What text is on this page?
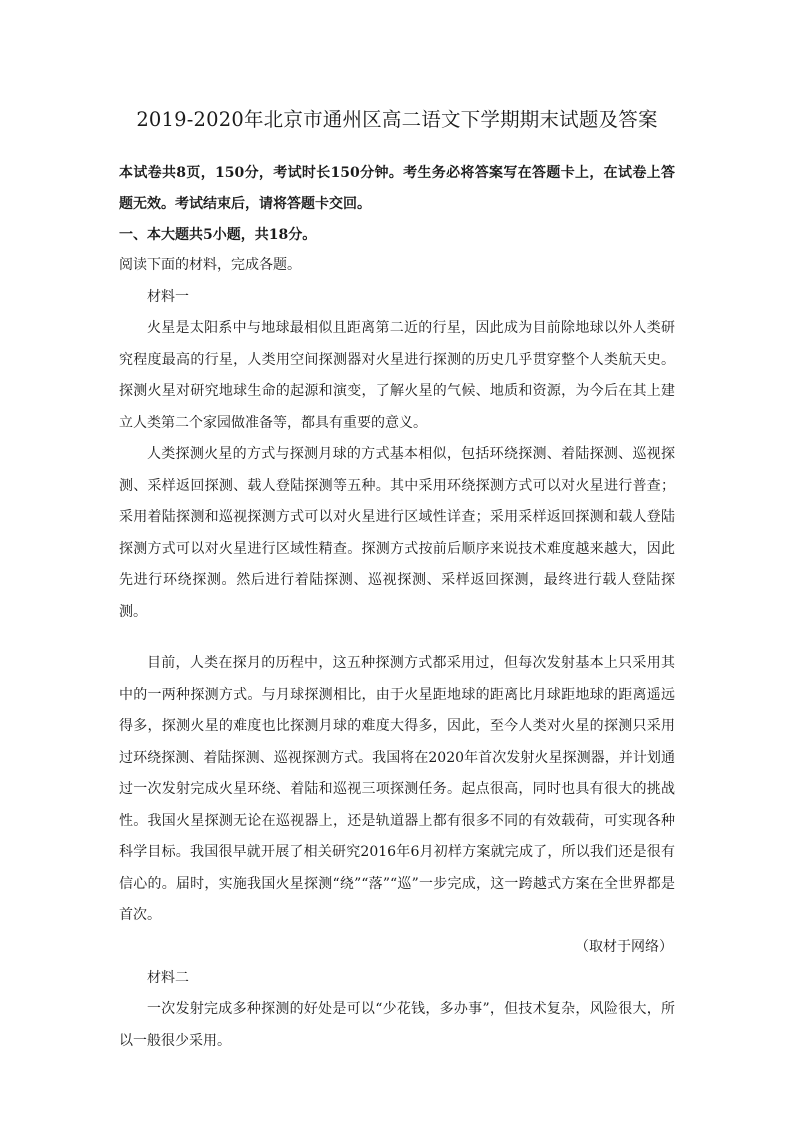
2019-2020年北京市通州区高二语文下学期期末试题及答案

本试卷共8页，150分，考试时长150分钟。考生务必将答案写在答题卡上，在试卷上答题无效。考试结束后，请将答题卡交回。

一、本大题共5小题，共18分。

阅读下面的材料，完成各题。

材料一

火星是太阳系中与地球最相似且距离第二近的行星，因此成为目前除地球以外人类研究程度最高的行星，人类用空间探测器对火星进行探测的历史几乎贯穿整个人类航天史。探测火星对研究地球生命的起源和演变，了解火星的气候、地质和资源，为今后在其上建立人类第二个家园做准备等，都具有重要的意义。

人类探测火星的方式与探测月球的方式基本相似，包括环绕探测、着陆探测、巡视探测、采样返回探测、载人登陆探测等五种。其中采用环绕探测方式可以对火星进行普查；采用着陆探测和巡视探测方式可以对火星进行区域性详查；采用采样返回探测和载人登陆探测方式可以对火星进行区域性精查。探测方式按前后顺序来说技术难度越来越大，因此先进行环绕探测。然后进行着陆探测、巡视探测、采样返回探测，最终进行载人登陆探测。

目前，人类在探月的历程中，这五种探测方式都采用过，但每次发射基本上只采用其中的一两种探测方式。与月球探测相比，由于火星距地球的距离比月球距地球的距离遥远得多，探测火星的难度也比探测月球的难度大得多，因此，至今人类对火星的探测只采用过环绕探测、着陆探测、巡视探测方式。我国将在2020年首次发射火星探测器，并计划通过一次发射完成火星环绕、着陆和巡视三项探测任务。起点很高，同时也具有很大的挑战性。我国火星探测无论在巡视器上，还是轨道器上都有很多不同的有效载荷，可实现各种科学目标。我国很早就开展了相关研究2016年6月初样方案就完成了，所以我们还是很有信心的。届时，实施我国火星探测“绕”“落”“巡”一步完成，这一跨越式方案在全世界都是首次。

（取材于网络）

材料二

一次发射完成多种探测的好处是可以“少花钱，多办事”，但技术复杂，风险很大，所以一般很少采用。
